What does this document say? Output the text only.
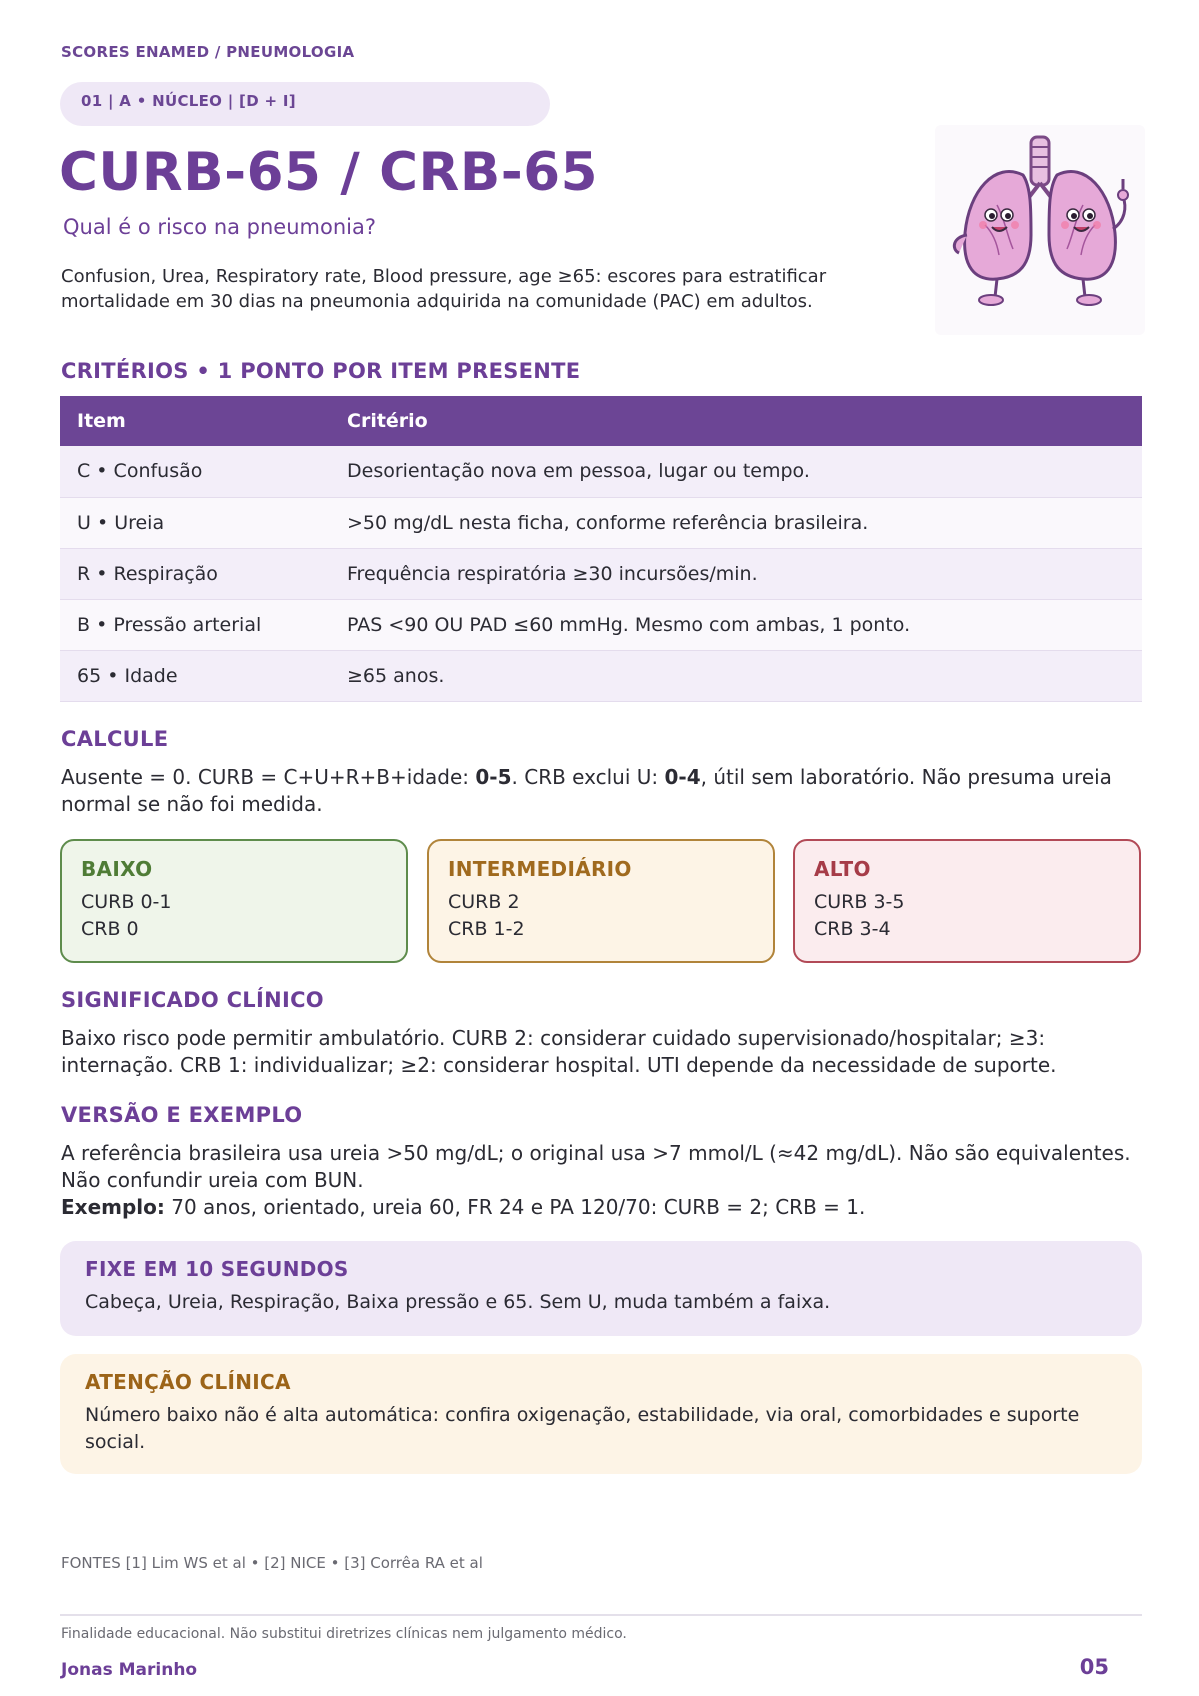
SCORES ENAMED / PNEUMOLOGIA
01 | A • NÚCLEO | [D + I]
CURB-65 / CRB-65
Qual é o risco na pneumonia?

Confusion, Urea, Respiratory rate, Blood pressure, age ≥65: escores para estratificar mortalidade em 30 dias na pneumonia adquirida na comunidade (PAC) em adultos.

CRITÉRIOS • 1 PONTO POR ITEM PRESENTE
Item	Critério
C • Confusão	Desorientação nova em pessoa, lugar ou tempo.
U • Ureia	>50 mg/dL nesta ficha, conforme referência brasileira.
R • Respiração	Frequência respiratória ≥30 incursões/min.
B • Pressão arterial	PAS <90 OU PAD ≤60 mmHg. Mesmo com ambas, 1 ponto.
65 • Idade	≥65 anos.
CALCULE

Ausente = 0. CURB = C+U+R+B+idade: 0-5. CRB exclui U: 0-4, útil sem laboratório. Não presuma ureia normal se não foi medida.

BAIXO
CURB 0-1
CRB 0
INTERMEDIÁRIO
CURB 2
CRB 1-2
ALTO
CURB 3-5
CRB 3-4
SIGNIFICADO CLÍNICO

Baixo risco pode permitir ambulatório. CURB 2: considerar cuidado supervisionado/hospitalar; ≥3: internação. CRB 1: individualizar; ≥2: considerar hospital. UTI depende da necessidade de suporte.

VERSÃO E EXEMPLO

A referência brasileira usa ureia >50 mg/dL; o original usa >7 mmol/L (≈42 mg/dL). Não são equivalentes. Não confundir ureia com BUN.
Exemplo: 70 anos, orientado, ureia 60, FR 24 e PA 120/70: CURB = 2; CRB = 1.

FIXE EM 10 SEGUNDOS
Cabeça, Ureia, Respiração, Baixa pressão e 65. Sem U, muda também a faixa.
ATENÇÃO CLÍNICA
Número baixo não é alta automática: confira oxigenação, estabilidade, via oral, comorbidades e suporte social.
FONTES [1] Lim WS et al • [2] NICE • [3] Corrêa RA et al
Finalidade educacional. Não substitui diretrizes clínicas nem julgamento médico.
Jonas Marinho	05
